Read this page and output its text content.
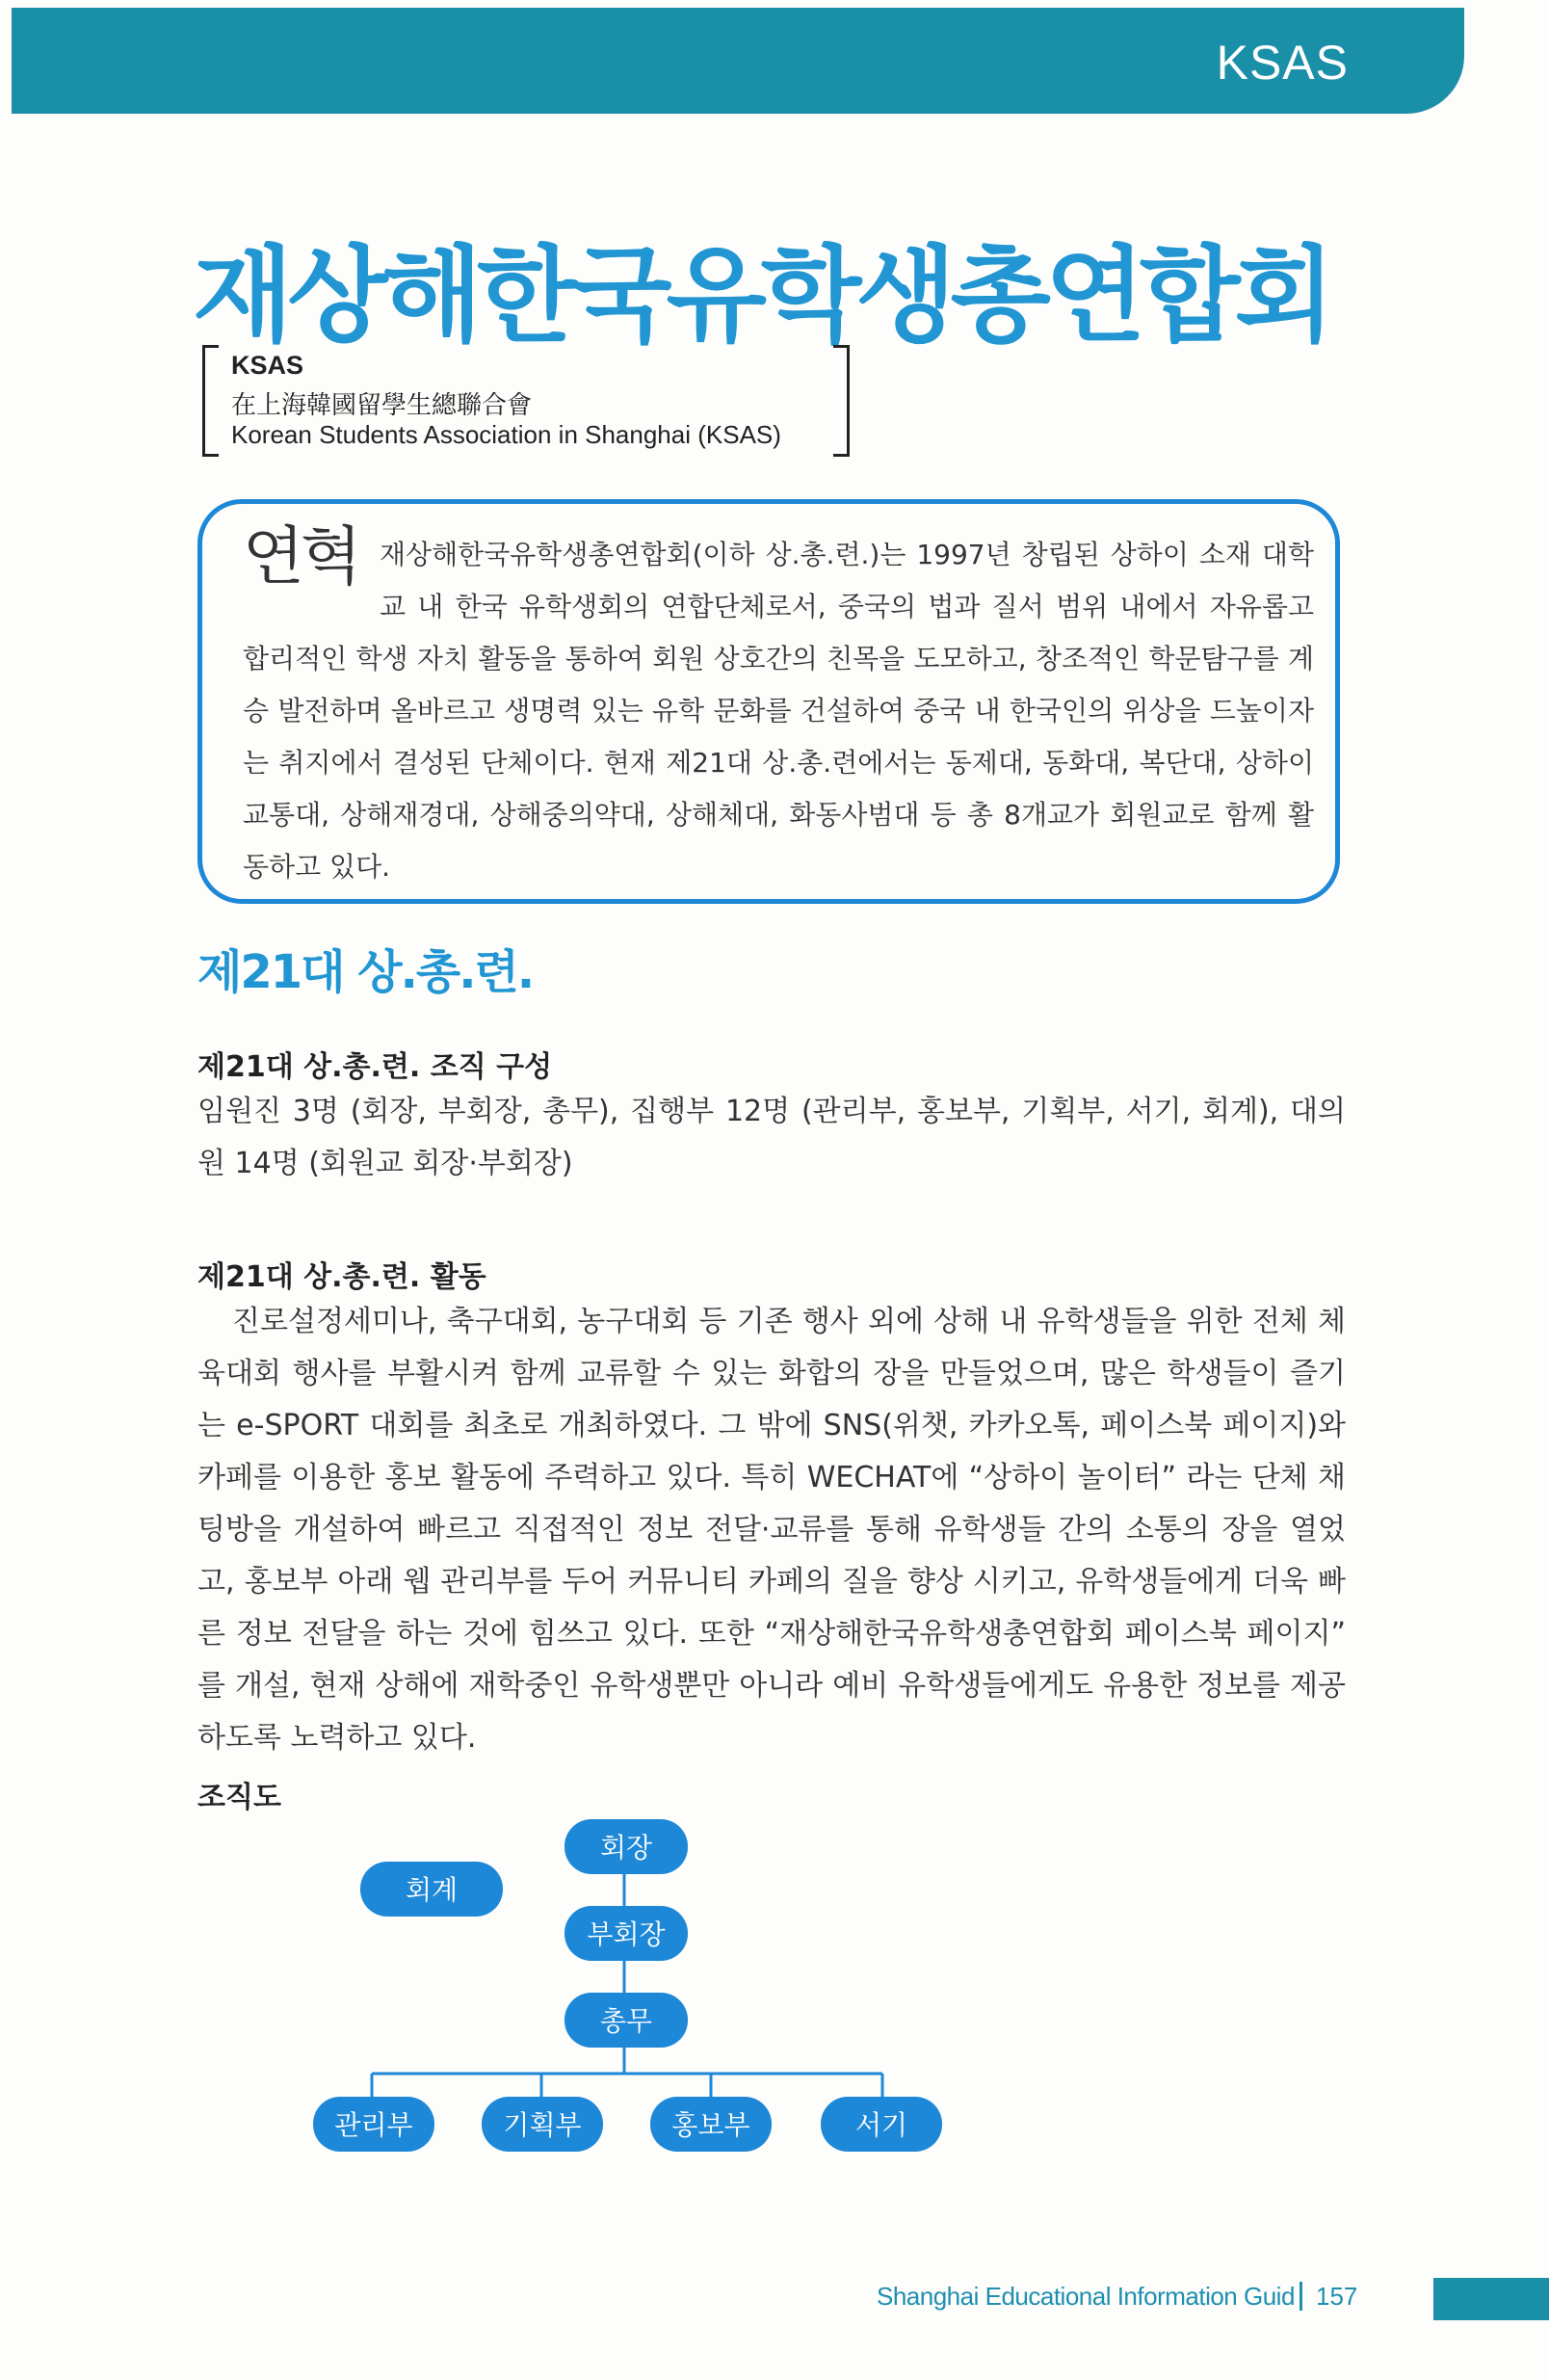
KSAS
재상해한국유학생총연합회
KSAS
在上海韓國留學生總聯合會
Korean Students Association in Shanghai (KSAS)
연혁 재상해한국유학생총연합회(이하 상.총.련.)는 1997년 창립된 상하이 소재 대학교 내 한국 유학생회의 연합단체로서, 중국의 법과 질서 범위 내에서 자유롭고 합리적인 학생 자치 활동을 통하여 회원 상호간의 친목을 도모하고, 창조적인 학문탐구를 계승 발전하며 올바르고 생명력 있는 유학 문화를 건설하여 중국 내 한국인의 위상을 드높이자는 취지에서 결성된 단체이다. 현재 제21대 상.총.련에서는 동제대, 동화대, 복단대, 상하이교통대, 상해재경대, 상해중의약대, 상해체대, 화동사범대 등 총 8개교가 회원교로 함께 활동하고 있다.

제21대 상.총.련.
제21대 상.총.련. 조직 구성

임원진 3명 (회장, 부회장, 총무), 집행부 12명 (관리부, 홍보부, 기획부, 서기, 회계), 대의원 14명 (회원교 회장·부회장)

제21대 상.총.련. 활동

진로설정세미나, 축구대회, 농구대회 등 기존 행사 외에 상해 내 유학생들을 위한 전체 체육대회 행사를 부활시켜 함께 교류할 수 있는 화합의 장을 만들었으며, 많은 학생들이 즐기는 e-SPORT 대회를 최초로 개최하였다. 그 밖에 SNS(위챗, 카카오톡, 페이스북 페이지)와 카페를 이용한 홍보 활동에 주력하고 있다. 특히 WECHAT에 “상하이 놀이터” 라는 단체 채팅방을 개설하여 빠르고 직접적인 정보 전달·교류를 통해 유학생들 간의 소통의 장을 열었고, 홍보부 아래 웹 관리부를 두어 커뮤니티 카페의 질을 향상 시키고, 유학생들에게 더욱 빠른 정보 전달을 하는 것에 힘쓰고 있다. 또한 “재상해한국유학생총연합회 페이스북 페이지” 를 개설, 현재 상해에 재학중인 유학생뿐만 아니라 예비 유학생들에게도 유용한 정보를 제공하도록 노력하고 있다.

조직도
회장
부회장
총무
회계
관리부	기획부	홍보부	서기
Shanghai Educational Information Guid 157
